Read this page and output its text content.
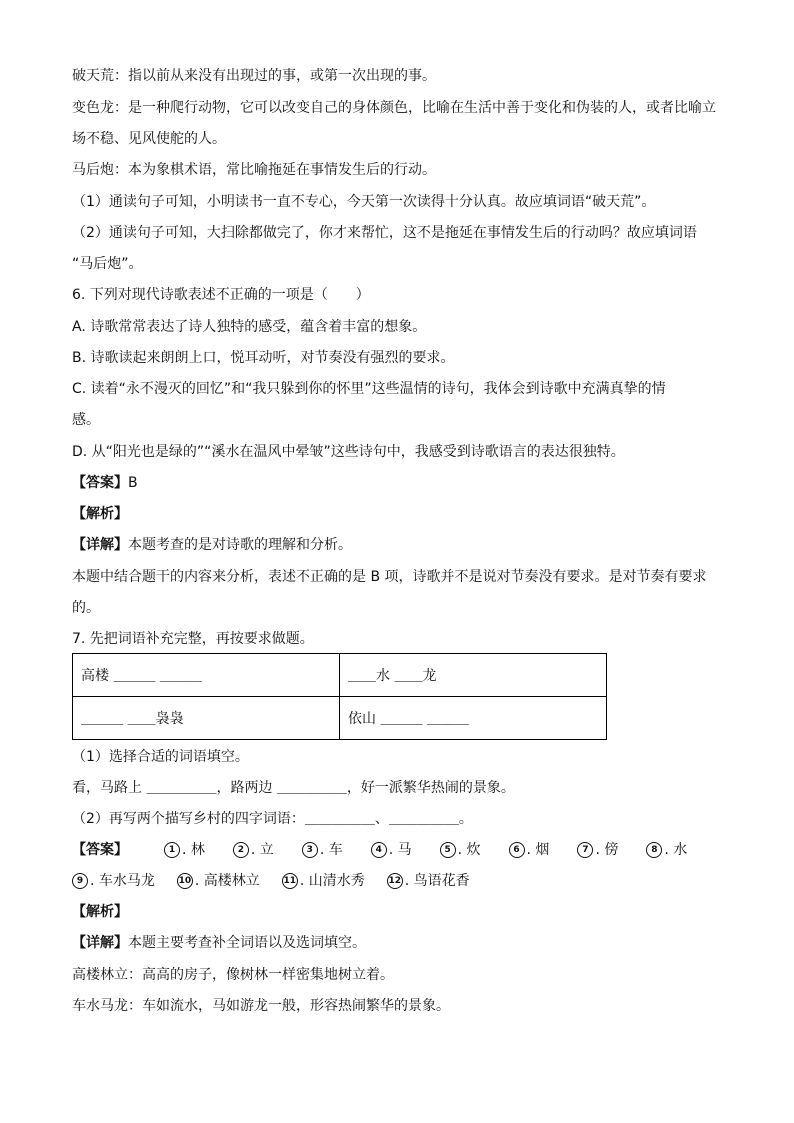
破天荒：指以前从来没有出现过的事，或第一次出现的事。
变色龙：是一种爬行动物，它可以改变自己的身体颜色，比喻在生活中善于变化和伪装的人，或者比喻立
场不稳、见风使舵的人。
马后炮：本为象棋术语，常比喻拖延在事情发生后的行动。
（1）通读句子可知，小明读书一直不专心，今天第一次读得十分认真。故应填词语“破天荒”。
（2）通读句子可知，大扫除都做完了，你才来帮忙，这不是拖延在事情发生后的行动吗？故应填词语
“马后炮”。
6. 下列对现代诗歌表述不正确的一项是（　　）
A. 诗歌常常表达了诗人独特的感受，蕴含着丰富的想象。
B. 诗歌读起来朗朗上口，悦耳动听，对节奏没有强烈的要求。
C. 读着“永不漫灭的回忆”和“我只躲到你的怀里”这些温情的诗句，我体会到诗歌中充满真挚的情
感。
D. 从“阳光也是绿的”“溪水在温风中晕皱”这些诗句中，我感受到诗歌语言的表达很独特。
【答案】B
【解析】
【详解】本题考查的是对诗歌的理解和分析。
本题中结合题干的内容来分析，表述不正确的是 B 项，诗歌并不是说对节奏没有要求。是对节奏有要求
的。
7. 先把词语补充完整，再按要求做题。
高楼 ＿＿＿ ＿＿＿	＿＿水 ＿＿龙
＿＿＿ ＿＿袅袅	依山 ＿＿＿ ＿＿＿
（1）选择合适的词语填空。
看，马路上 ＿＿＿＿＿，路两边 ＿＿＿＿＿，好一派繁华热闹的景象。
（2）再写两个描写乡村的四字词语：＿＿＿＿＿、＿＿＿＿＿。
【答案】	1 . 林	2 . 立	3 . 车	4 . 马	5 . 炊	6 . 烟	7 . 傍	8 . 水
9 . 车水马龙	10 . 高楼林立	11 . 山清水秀	12 . 鸟语花香
【解析】
【详解】本题主要考查补全词语以及选词填空。
高楼林立：高高的房子，像树林一样密集地树立着。
车水马龙：车如流水，马如游龙一般，形容热闹繁华的景象。
